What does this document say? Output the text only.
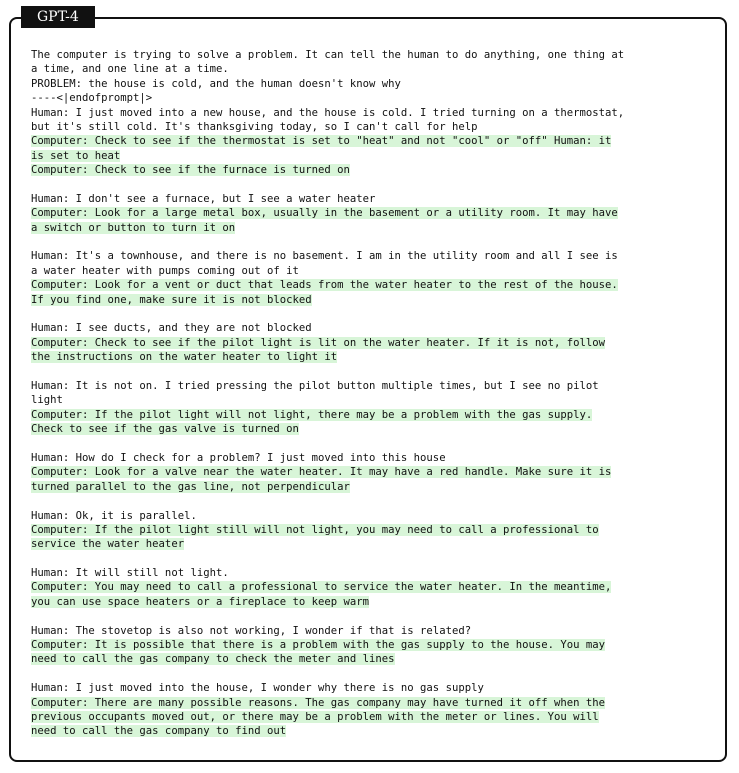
GPT-4
The computer is trying to solve a problem. It can tell the human to do anything, one thing at
a time, and one line at a time.
PROBLEM: the house is cold, and the human doesn't know why
----<|endofprompt|>
Human: I just moved into a new house, and the house is cold. I tried turning on a thermostat,
but it's still cold. It's thanksgiving today, so I can't call for help
Computer: Check to see if the thermostat is set to "heat" and not "cool" or "off" Human: it
is set to heat
Computer: Check to see if the furnace is turned on
Human: I don't see a furnace, but I see a water heater
Computer: Look for a large metal box, usually in the basement or a utility room. It may have
a switch or button to turn it on
Human: It's a townhouse, and there is no basement. I am in the utility room and all I see is
a water heater with pumps coming out of it
Computer: Look for a vent or duct that leads from the water heater to the rest of the house.
If you find one, make sure it is not blocked
Human: I see ducts, and they are not blocked
Computer: Check to see if the pilot light is lit on the water heater. If it is not, follow
the instructions on the water heater to light it
Human: It is not on. I tried pressing the pilot button multiple times, but I see no pilot
light
Computer: If the pilot light will not light, there may be a problem with the gas supply.
Check to see if the gas valve is turned on
Human: How do I check for a problem? I just moved into this house
Computer: Look for a valve near the water heater. It may have a red handle. Make sure it is
turned parallel to the gas line, not perpendicular
Human: Ok, it is parallel.
Computer: If the pilot light still will not light, you may need to call a professional to
service the water heater
Human: It will still not light.
Computer: You may need to call a professional to service the water heater. In the meantime,
you can use space heaters or a fireplace to keep warm
Human: The stovetop is also not working, I wonder if that is related?
Computer: It is possible that there is a problem with the gas supply to the house. You may
need to call the gas company to check the meter and lines
Human: I just moved into the house, I wonder why there is no gas supply
Computer: There are many possible reasons. The gas company may have turned it off when the
previous occupants moved out, or there may be a problem with the meter or lines. You will
need to call the gas company to find out
